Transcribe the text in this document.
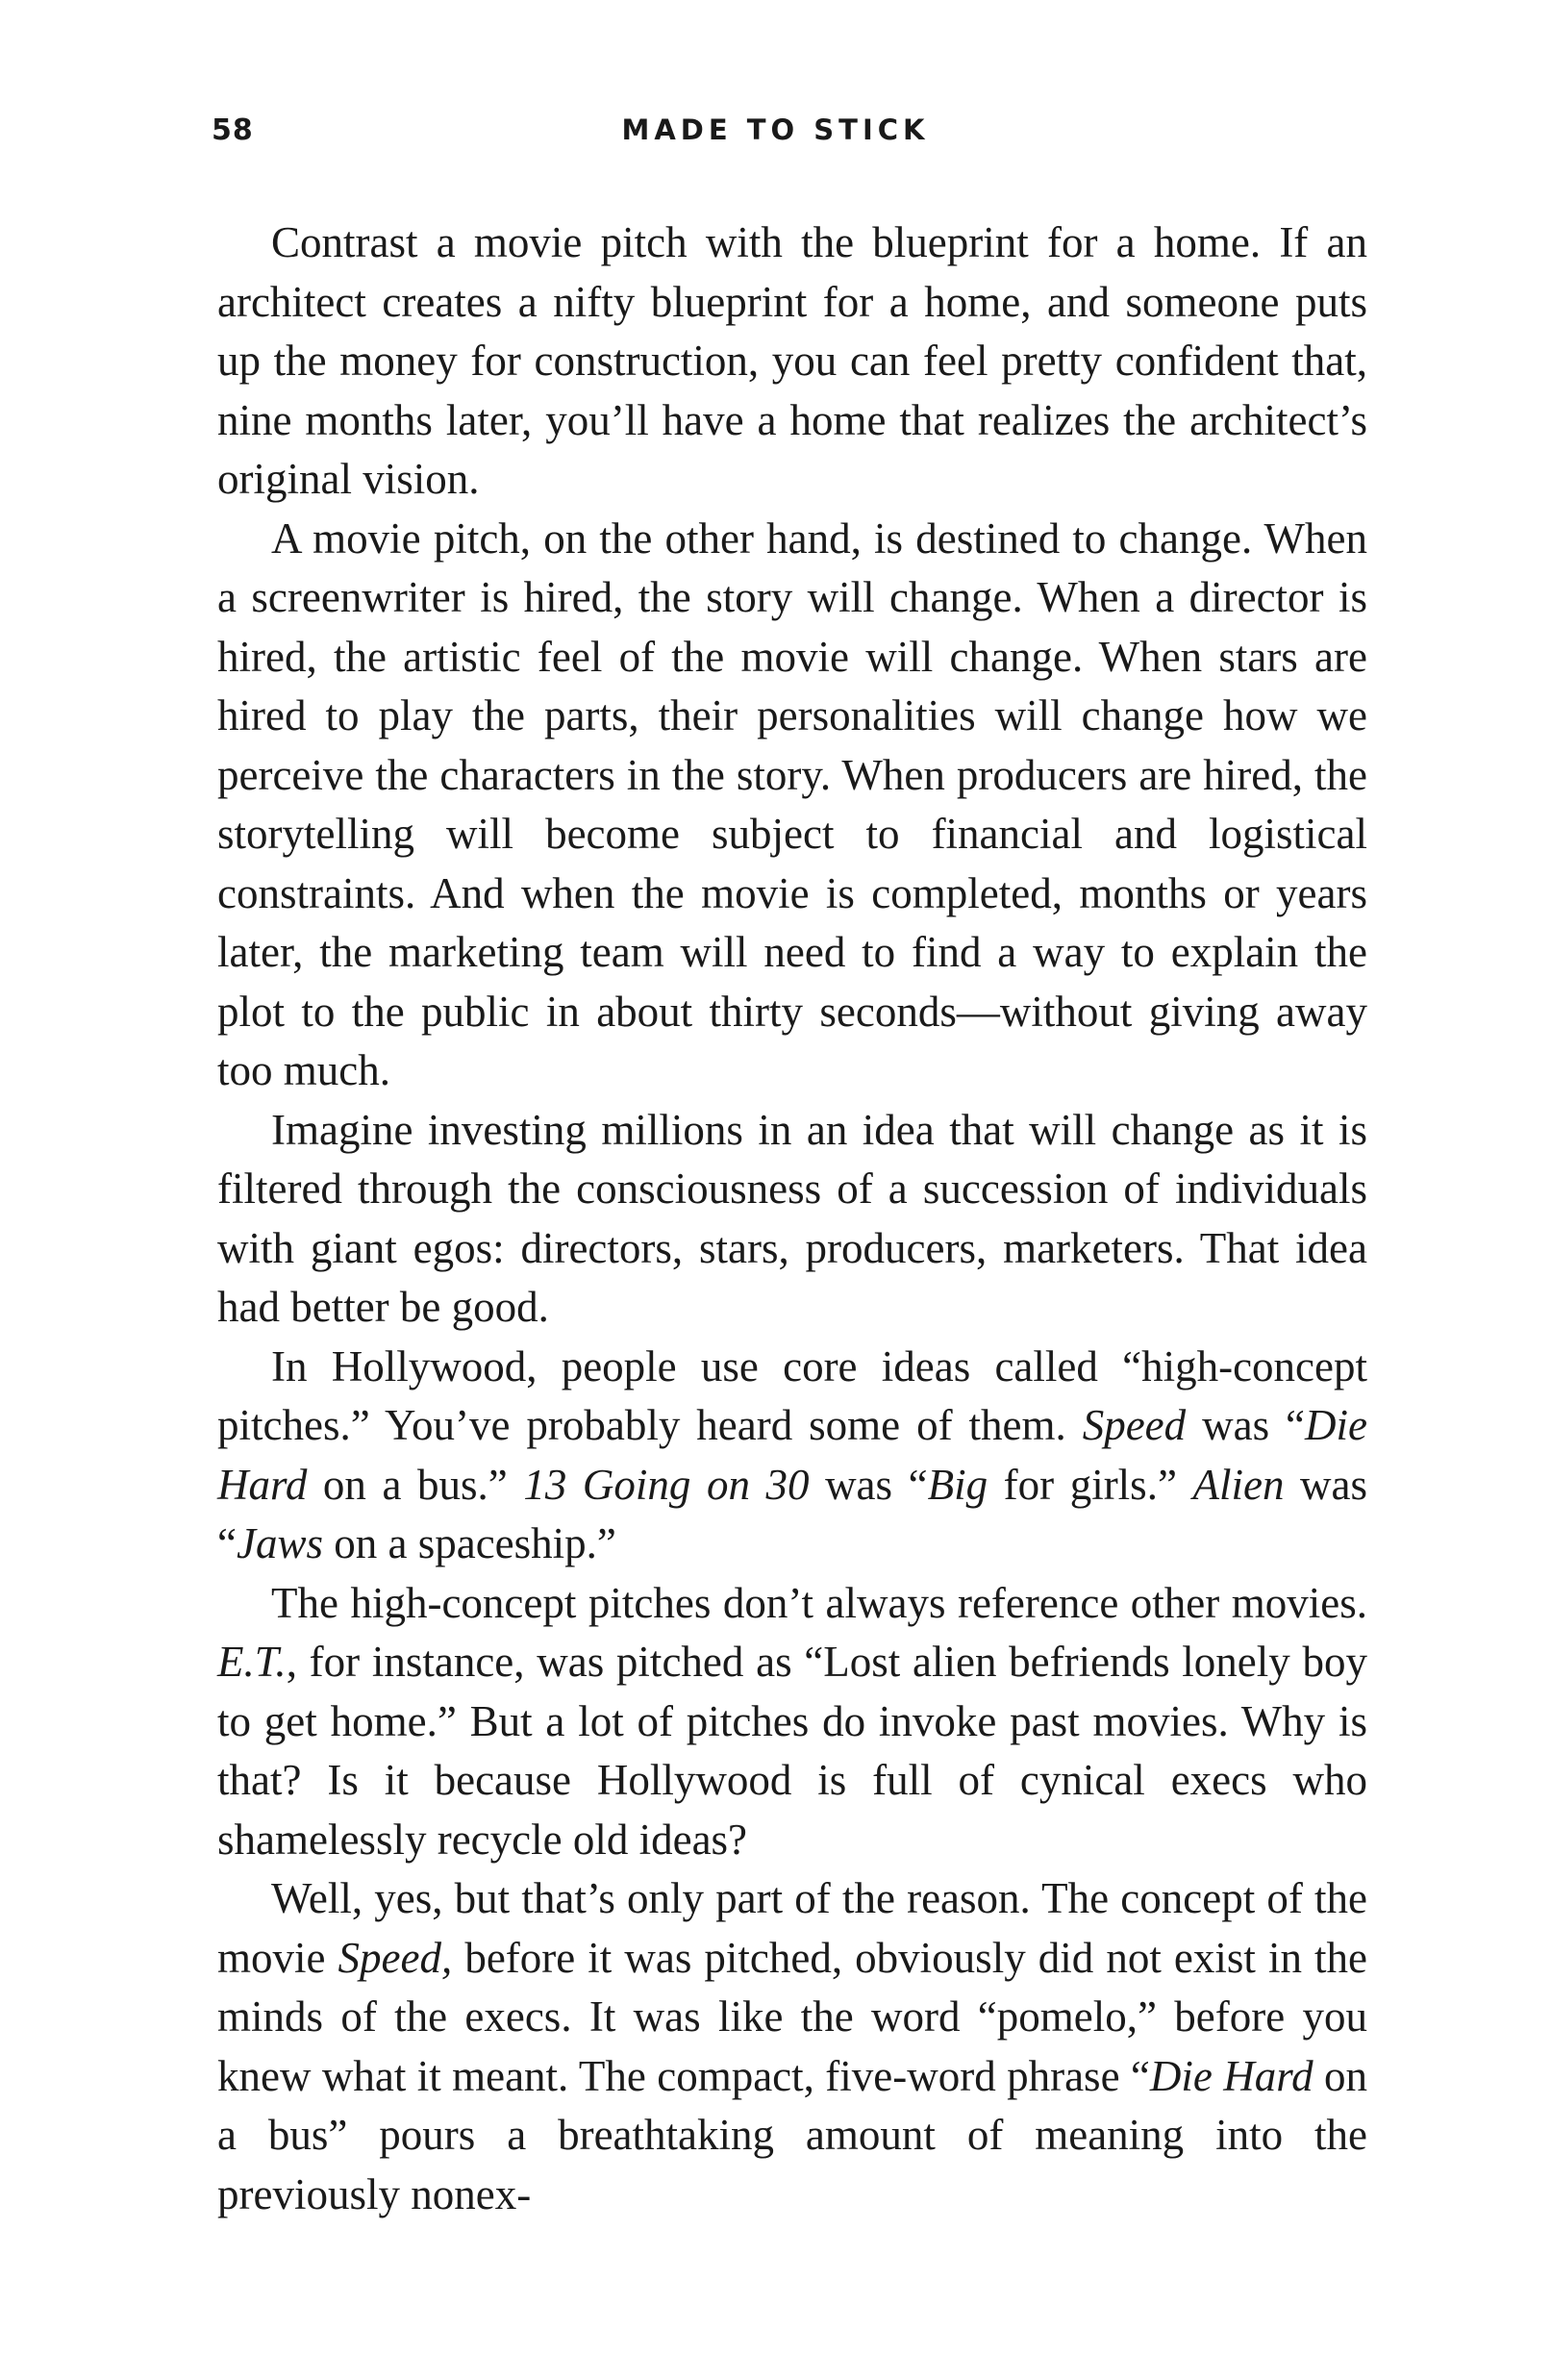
58	MADE TO STICK

Contrast a movie pitch with the blueprint for a home. If an architect creates a nifty blueprint for a home, and someone puts up the money for construction, you can feel pretty confident that, nine months later, you’ll have a home that realizes the architect’s original vision.

A movie pitch, on the other hand, is destined to change. When a screenwriter is hired, the story will change. When a director is hired, the artistic feel of the movie will change. When stars are hired to play the parts, their personalities will change how we perceive the characters in the story. When producers are hired, the storytelling will become subject to financial and logistical constraints. And when the movie is completed, months or years later, the marketing team will need to find a way to explain the plot to the public in about thirty seconds—without giving away too much.

Imagine investing millions in an idea that will change as it is filtered through the consciousness of a succession of individuals with giant egos: directors, stars, producers, marketers. That idea had better be good.

In Hollywood, people use core ideas called “high-concept pitches.” You’ve probably heard some of them. Speed was “Die Hard on a bus.” 13 Going on 30 was “Big for girls.” Alien was “Jaws on a spaceship.”

The high-concept pitches don’t always reference other movies. E.T., for instance, was pitched as “Lost alien befriends lonely boy to get home.” But a lot of pitches do invoke past movies. Why is that? Is it because Hollywood is full of cynical execs who shamelessly recycle old ideas?

Well, yes, but that’s only part of the reason. The concept of the movie Speed, before it was pitched, obviously did not exist in the minds of the execs. It was like the word “pomelo,” before you knew what it meant. The compact, five-word phrase “Die Hard on a bus” pours a breathtaking amount of meaning into the previously nonex-
